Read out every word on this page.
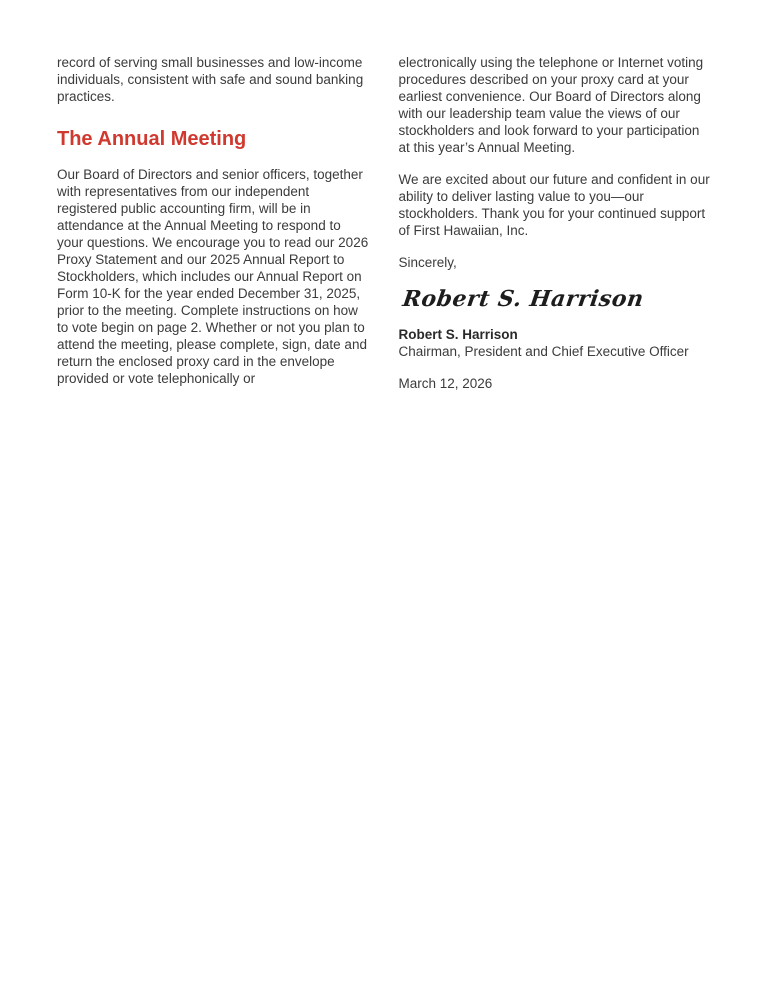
record of serving small businesses and low-income individuals, consistent with safe and sound banking practices.

The Annual Meeting

Our Board of Directors and senior officers, together with representatives from our independent registered public accounting firm, will be in attendance at the Annual Meeting to respond to your questions. We encourage you to read our 2026 Proxy Statement and our 2025 Annual Report to Stockholders, which includes our Annual Report on Form 10-K for the year ended December 31, 2025, prior to the meeting. Complete instructions on how to vote begin on page 2. Whether or not you plan to attend the meeting, please complete, sign, date and return the enclosed proxy card in the envelope provided or vote telephonically or

electronically using the telephone or Internet voting procedures described on your proxy card at your earliest convenience. Our Board of Directors along with our leadership team value the views of our stockholders and look forward to your participation at this year’s Annual Meeting.

We are excited about our future and confident in our ability to deliver lasting value to you—our stockholders. Thank you for your continued support of First Hawaiian, Inc.

Sincerely,

Robert S. Harrison

Robert S. Harrison

Chairman, President and Chief Executive Officer

March 12, 2026
